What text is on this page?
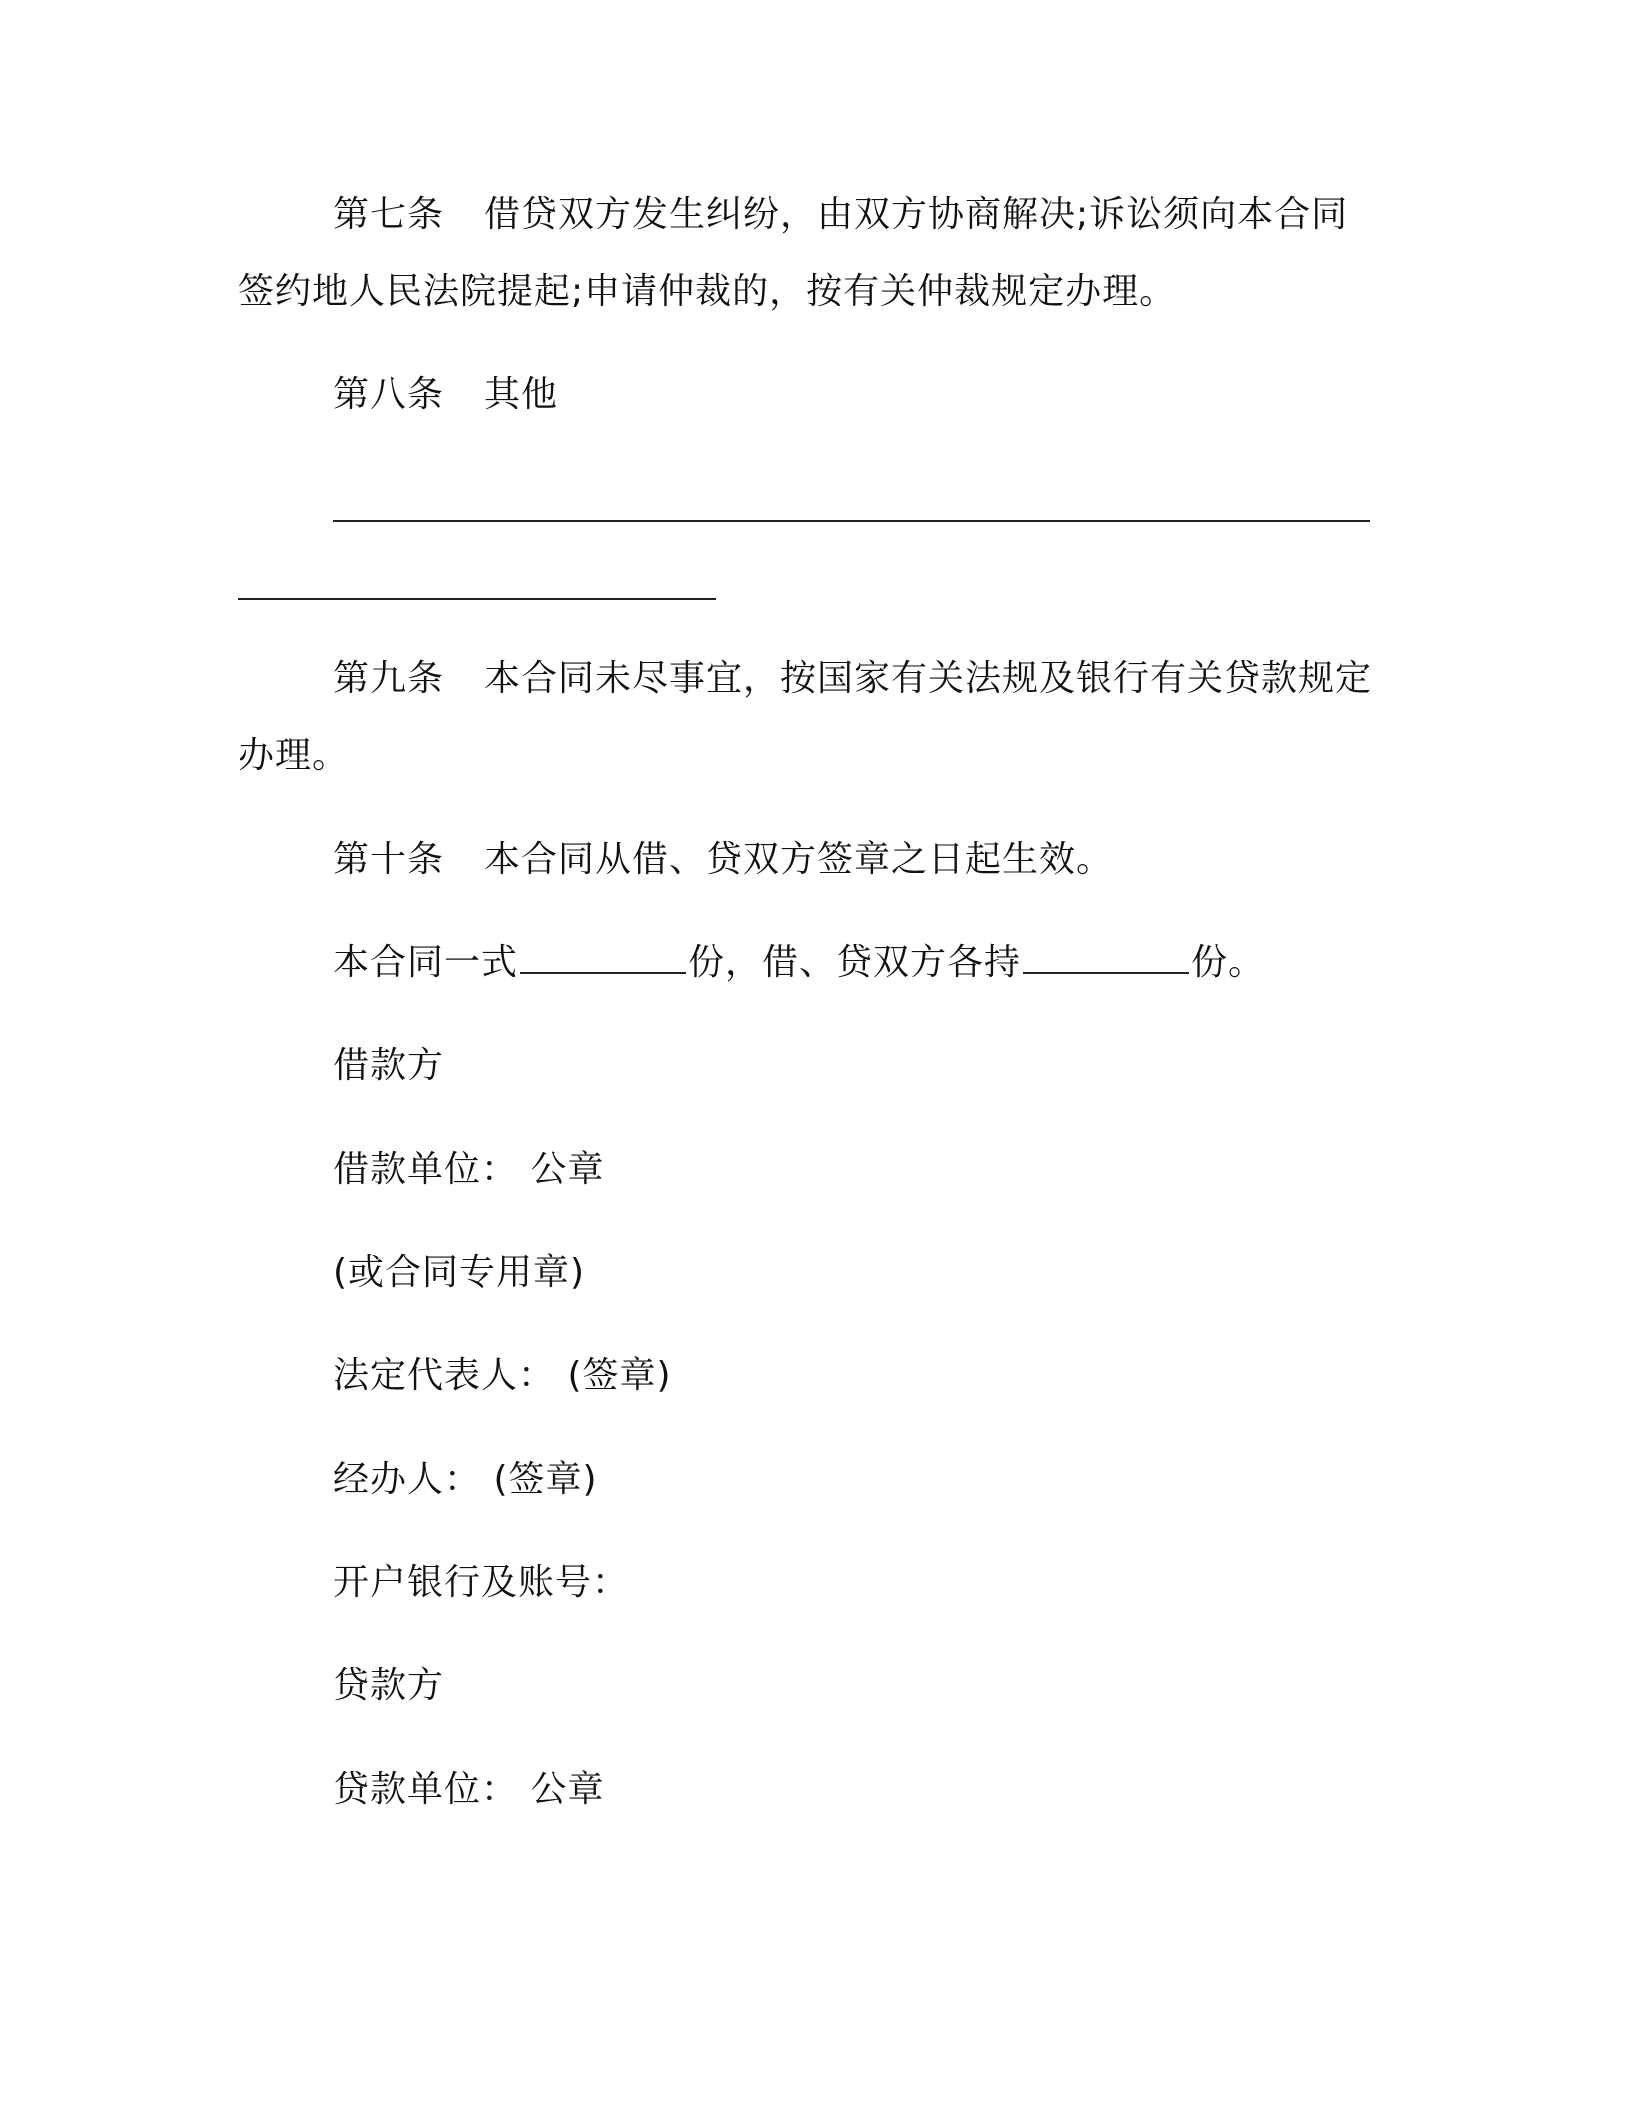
第七条 借贷双方发生纠纷，由双方协商解决;诉讼须向本合同
签约地人民法院提起;申请仲裁的，按有关仲裁规定办理。
第八条 其他
第九条 本合同未尽事宜，按国家有关法规及银行有关贷款规定
办理。
第十条 本合同从借、贷双方签章之日起生效。
本合同一式	份，借、贷双方各持	份。
借款方
借款单位： 公章
(或合同专用章)
法定代表人： (签章)
经办人： (签章)
开户银行及账号：
贷款方
贷款单位： 公章
